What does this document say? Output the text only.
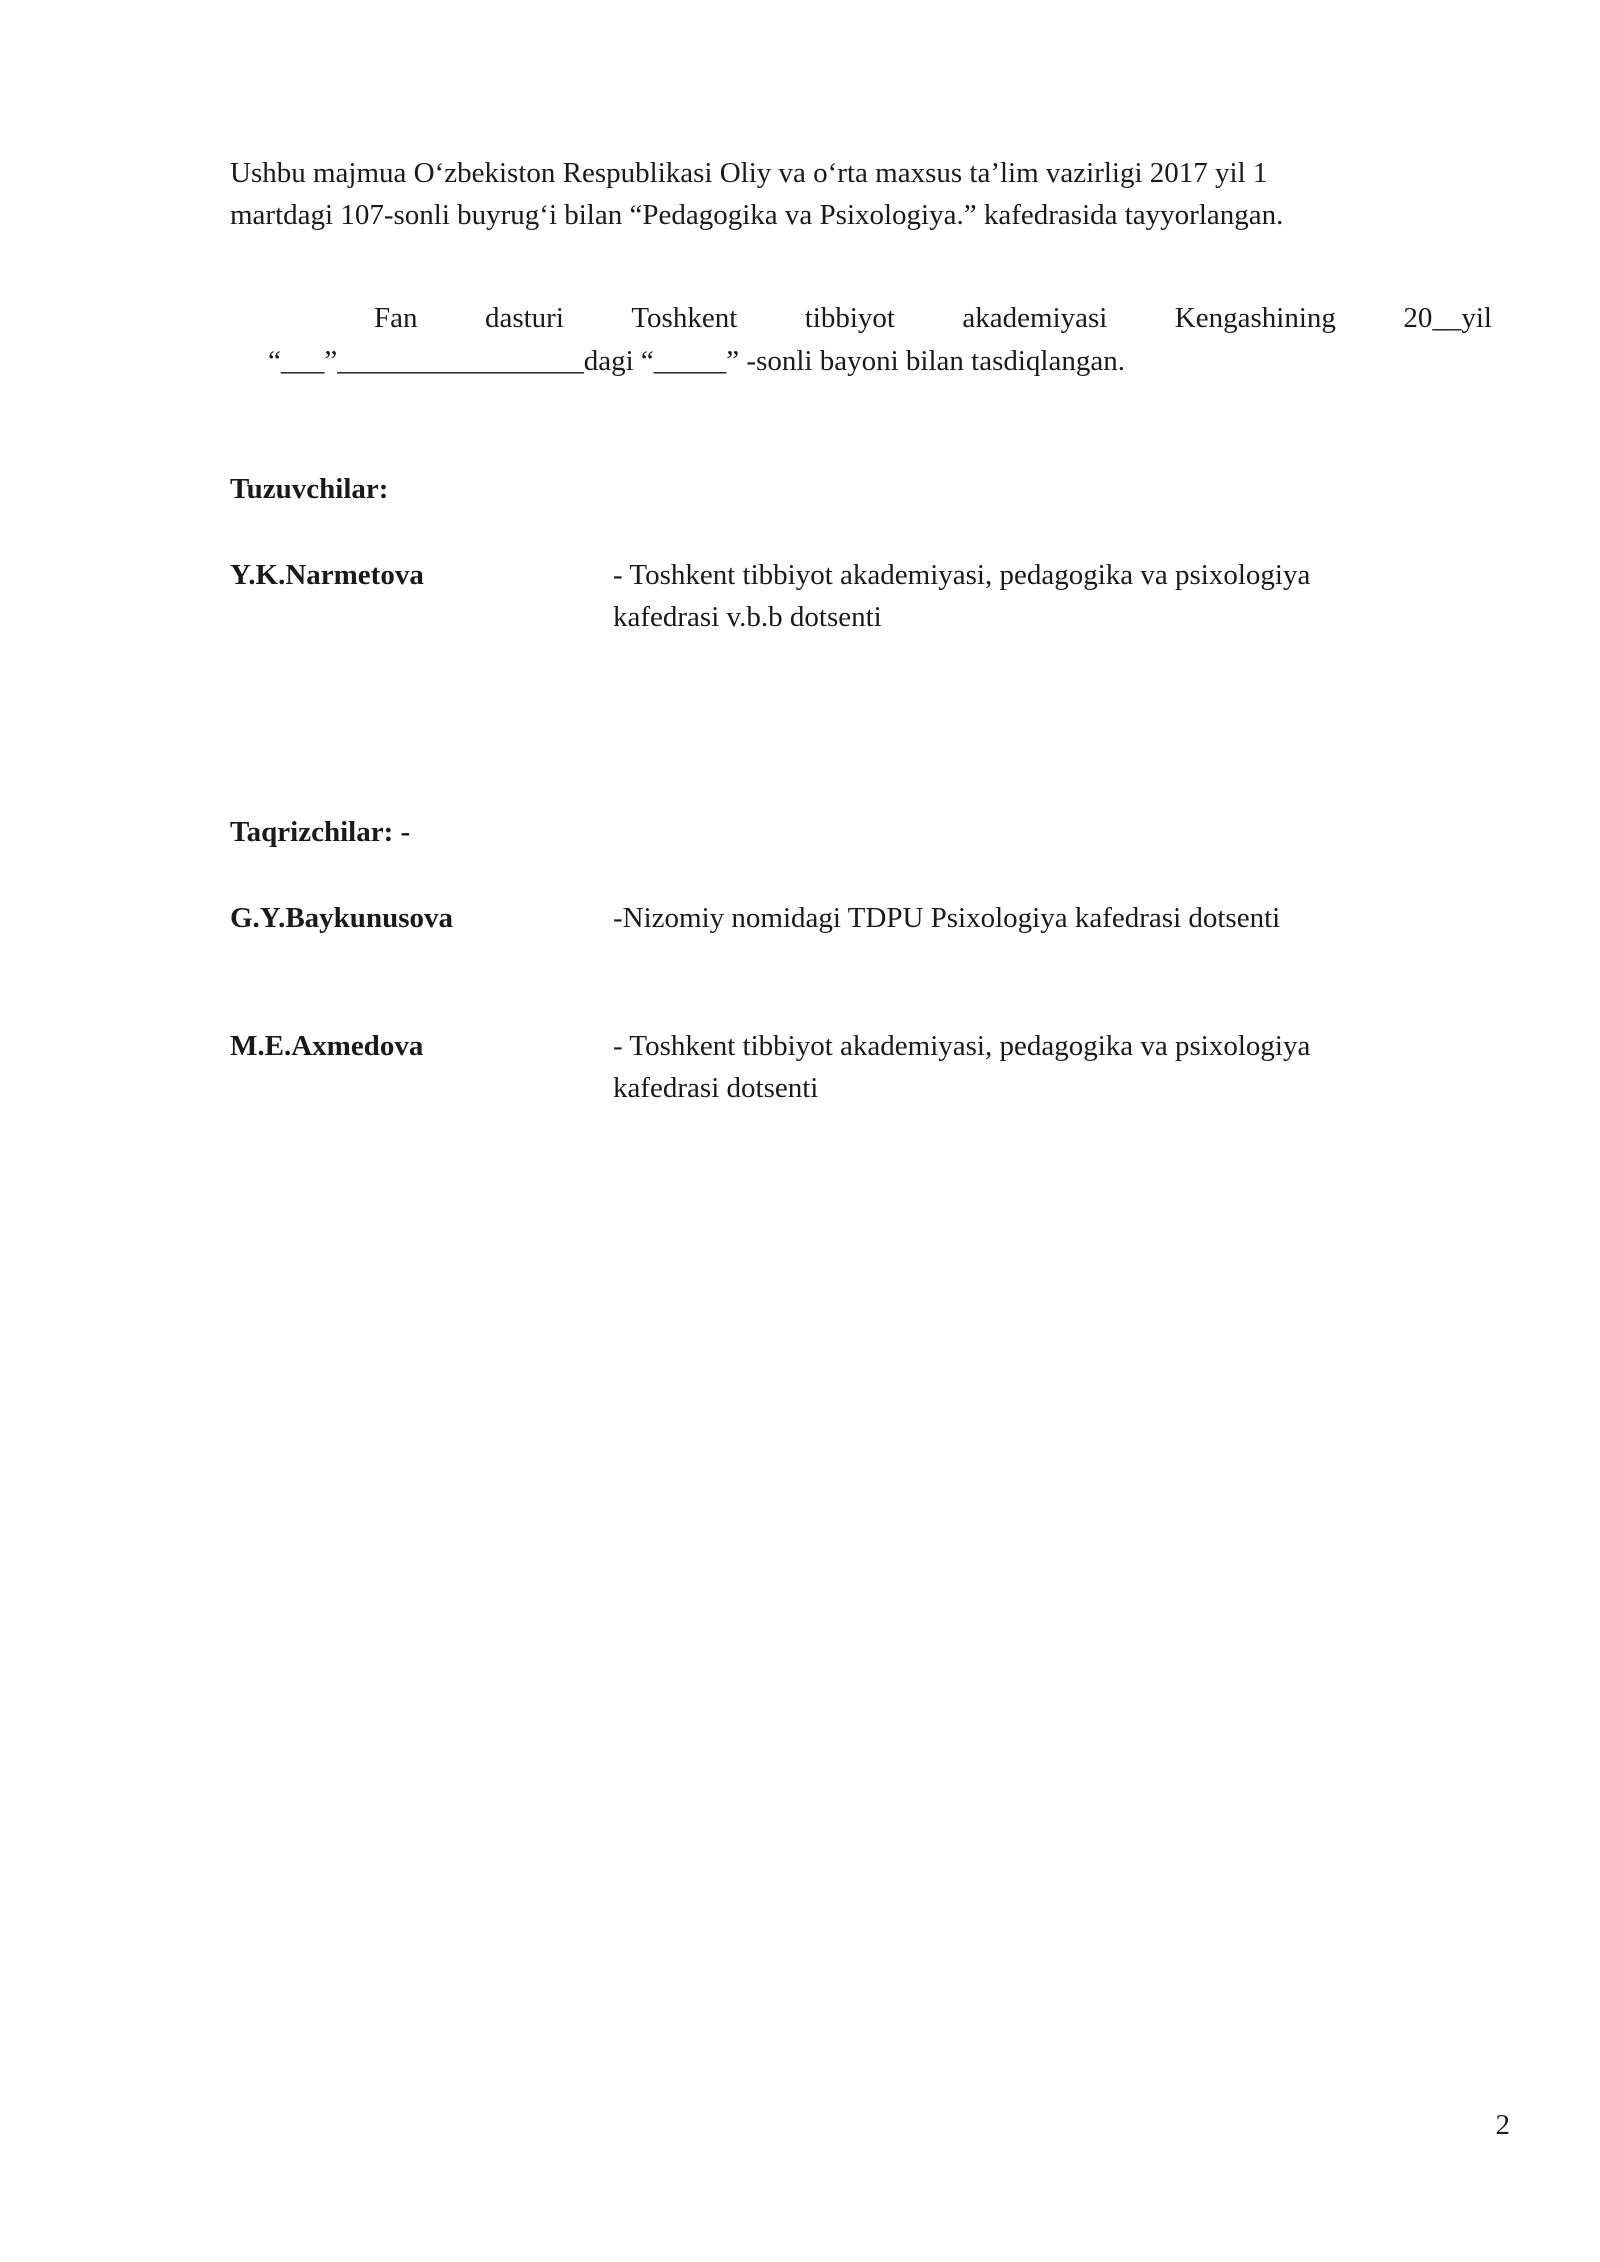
Ushbu majmua O‘zbekiston Respublikasi Oliy va o‘rta maxsus ta’lim vazirligi 2017 yil 1
martdagi 107-sonli buyrug‘i bilan “Pedagogika va Psixologiya.” kafedrasida tayyorlangan.
Fan dasturi Toshkent tibbiyot akademiyasi Kengashining 20__yil
“___”_________________dagi “_____” -sonli bayoni bilan tasdiqlangan.
Tuzuvchilar:
Y.K.Narmetova	- Toshkent tibbiyot akademiyasi, pedagogika va psixologiya
kafedrasi v.b.b dotsenti
Taqrizchilar: -
G.Y.Baykunusova	-Nizomiy nomidagi TDPU Psixologiya kafedrasi dotsenti
M.E.Axmedova	- Toshkent tibbiyot akademiyasi, pedagogika va psixologiya
kafedrasi dotsenti
2
